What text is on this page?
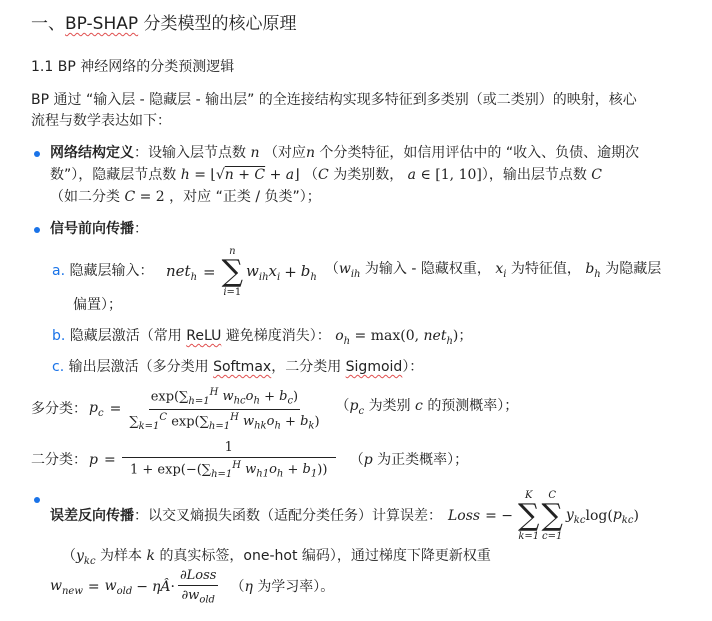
一、BP-SHAP 分类模型的核心原理
1.1 BP 神经网络的分类预测逻辑
BP 通过 “输入层 - 隐藏层 - 输出层” 的全连接结构实现多特征到多类别（或二类别）的映射，核心
流程与数学表达如下：
网络结构定义：设输入层节点数 n （对应n 个分类特征，如信用评估中的 “收入、负债、逾期次
数”），隐藏层节点数 h = ⌊√n + C + a⌋ （C 为类别数， a ∈ [1, 10]），输出层节点数 C
（如二分类 C = 2 ，对应 “正类 / 负类”）；
信号前向传播：
a. 隐藏层输入： net$_h$ =
n
∑
i=1
$w_{ih}x_i + b_h$ （$w_{ih}$ 为输入 - 隐藏权重， $x_i$ 为特征值， $b_h$ 为隐藏层
偏置）；
b. 隐藏层激活（常用 ReLU 避免梯度消失）： $o_h = \max(0$, net$_h$)；
c. 输出层激活（多分类用 Softmax，二分类用 Sigmoid）：
多分类： $p_c = \frac{\exp(\sum_{h=1}^H w_{hc}o_h + b_c)}{\sum_{k=1}^C \exp(\sum_{h=1}^H w_{hk}o_h + b_k)} (p_c$ 为类别 c 的预测概率）；
二分类： $p = \frac{1}{1 + \exp(-(\sum_{h=1}^H w_{h1}o_h + b_1))} (p$ 为正类概率）；
误差反向传播：以交叉熵损失函数（适配分类任务）计算误差： Loss = −
K
∑
k=1
C
∑
c=1
$y_{kc}$ log( $p_{kc}$ )
（$y_{kc}$ 为样本 k 的真实标签，one-hot 编码），通过梯度下降更新权重
$w_{new} = w_{old}$ − ηÂ · $\frac{\text{∂Loss}}{\partial w_{old}} (\eta$ 为学习率）。
